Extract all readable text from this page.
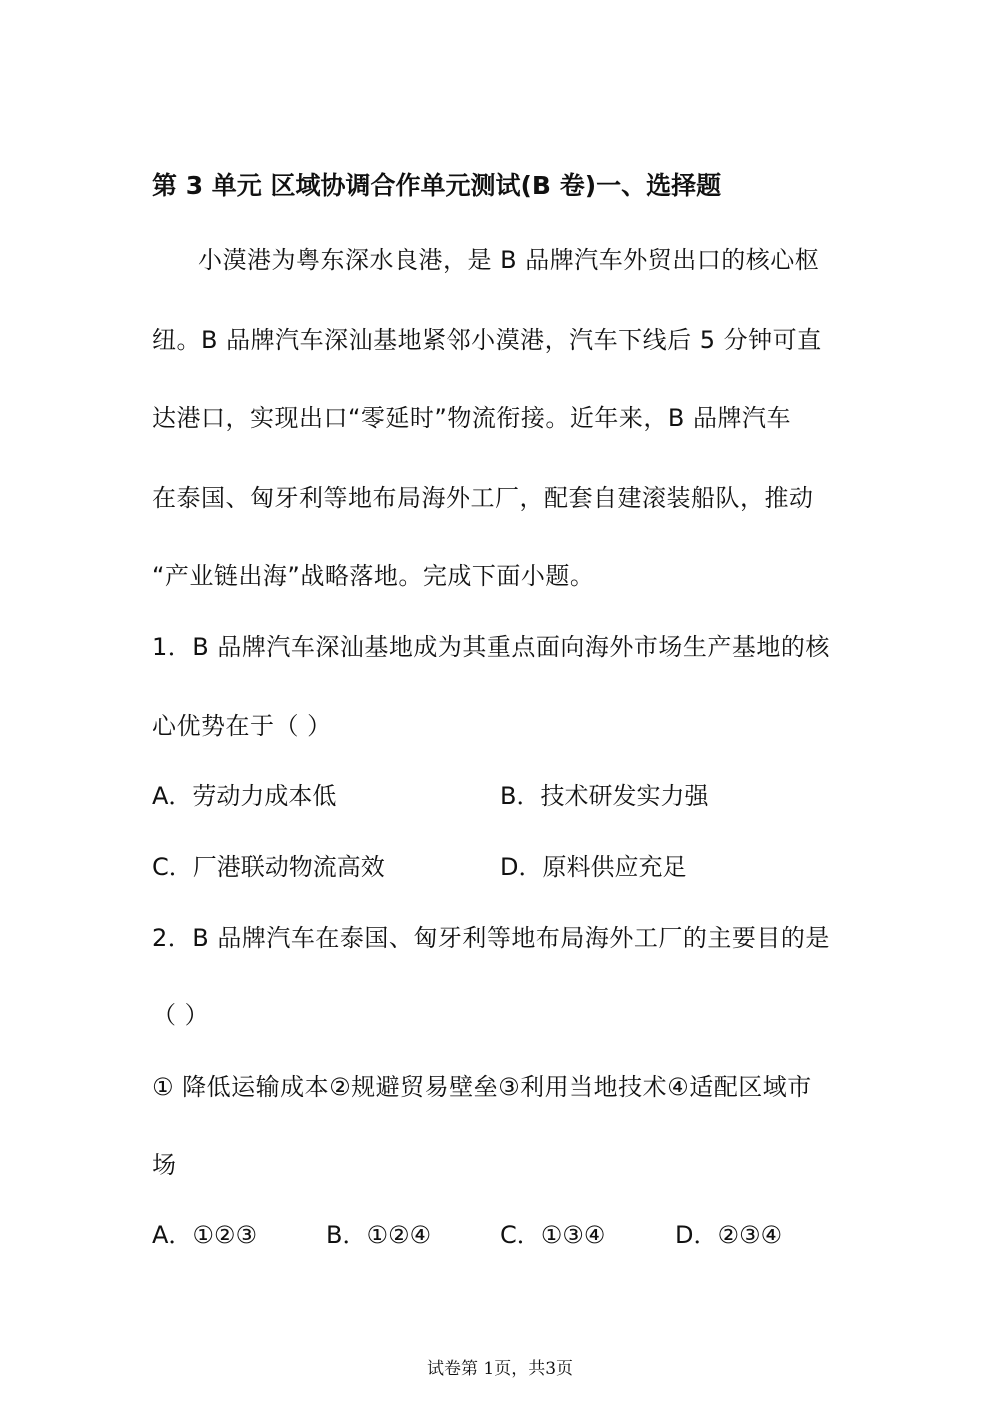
第 3 单元 区域协调合作单元测试(B 卷)一、选择题
小漠港为粤东深水良港，是 B 品牌汽车外贸出口的核心枢
纽。B 品牌汽车深汕基地紧邻小漠港，汽车下线后 5 分钟可直
达港口，实现出口“零延时”物流衔接。近年来，B 品牌汽车
在泰国、匈牙利等地布局海外工厂，配套自建滚装船队，推动
“产业链出海”战略落地。完成下面小题。
1．B 品牌汽车深汕基地成为其重点面向海外市场生产基地的核
心优势在于（ ）
A．劳动力成本低	B．技术研发实力强
C．厂港联动物流高效	D．原料供应充足
2．B 品牌汽车在泰国、匈牙利等地布局海外工厂的主要目的是
（ ）
① 降低运输成本②规避贸易壁垒③利用当地技术④适配区域市
场
A．①②③	B．①②④	C．①③④	D．②③④
试卷第 1页，共3页
